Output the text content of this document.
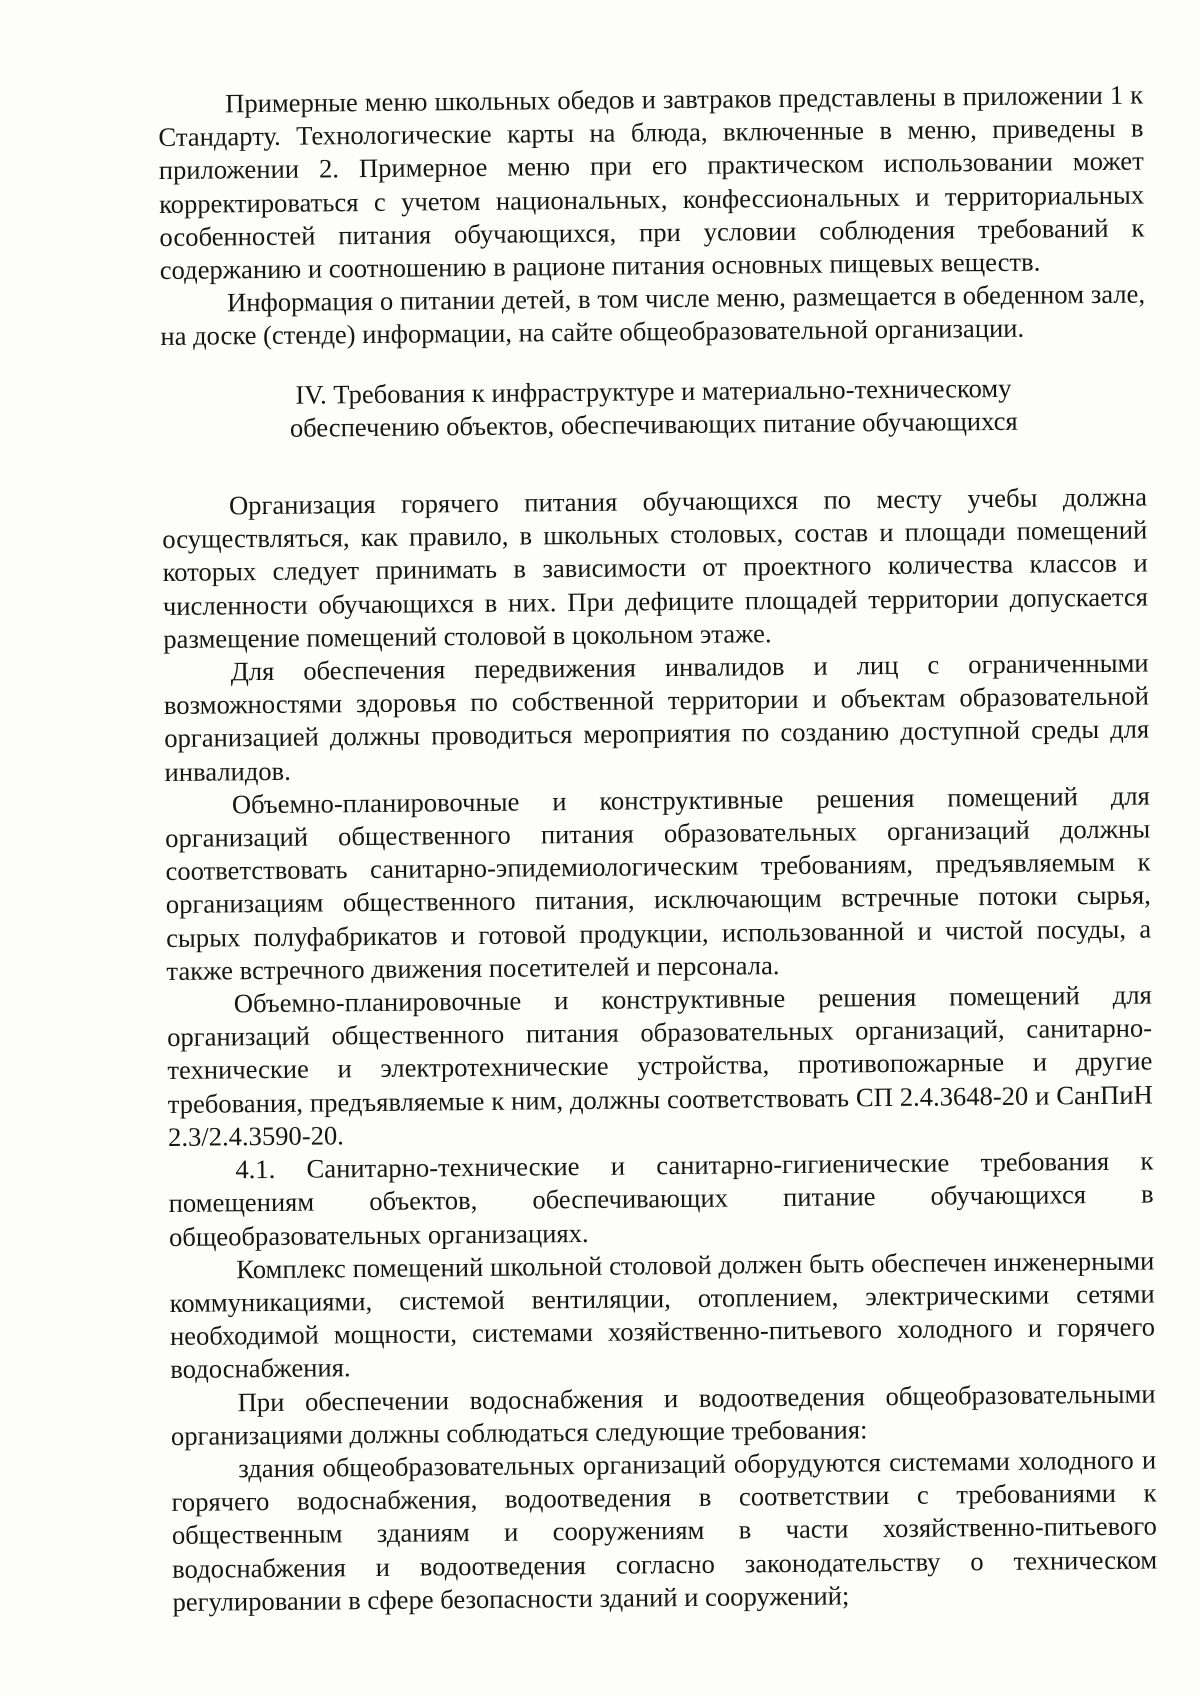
Примерные меню школьных обедов и завтраков представлены в приложении 1 к Стандарту. Технологические карты на блюда, включенные в меню, приведены в приложении 2. Примерное меню при его практическом использовании может корректироваться с учетом национальных, конфессиональных и территориальных особенностей питания обучающихся, при условии соблюдения требований к содержанию и соотношению в рационе питания основных пищевых веществ.

Информация о питании детей, в том числе меню, размещается в обеденном зале, на доске (стенде) информации, на сайте общеобразовательной организации.

IV. Требования к инфраструктуре и материально-техническому
обеспечению объектов, обеспечивающих питание обучающихся

Организация горячего питания обучающихся по месту учебы должна осуществляться, как правило, в школьных столовых, состав и площади помещений которых следует принимать в зависимости от проектного количества классов и численности обучающихся в них. При дефиците площадей территории допускается размещение помещений столовой в цокольном этаже.

Для обеспечения передвижения инвалидов и лиц с ограниченными возможностями здоровья по собственной территории и объектам образовательной организацией должны проводиться мероприятия по созданию доступной среды для инвалидов.

Объемно-планировочные и конструктивные решения помещений для организаций общественного питания образовательных организаций должны соответствовать санитарно-эпидемиологическим требованиям, предъявляемым к организациям общественного питания, исключающим встречные потоки сырья, сырых полуфабрикатов и готовой продукции, использованной и чистой посуды, а также встречного движения посетителей и персонала.

Объемно-планировочные и конструктивные решения помещений для организаций общественного питания образовательных организаций, санитарно-технические и электротехнические устройства, противопожарные и другие требования, предъявляемые к ним, должны соответствовать СП 2.4.3648-20 и СанПиН 2.3/2.4.3590-20.

4.1. Санитарно-технические и санитарно-гигиенические требования к помещениям объектов, обеспечивающих питание обучающихся в общеобразовательных организациях.

Комплекс помещений школьной столовой должен быть обеспечен инженерными коммуникациями, системой вентиляции, отоплением, электрическими сетями необходимой мощности, системами хозяйственно-питьевого холодного и горячего водоснабжения.

При обеспечении водоснабжения и водоотведения общеобразовательными организациями должны соблюдаться следующие требования:

здания общеобразовательных организаций оборудуются системами холодного и горячего водоснабжения, водоотведения в соответствии с требованиями к общественным зданиям и сооружениям в части хозяйственно-питьевого водоснабжения и водоотведения согласно законодательству о техническом регулировании в сфере безопасности зданий и сооружений;
